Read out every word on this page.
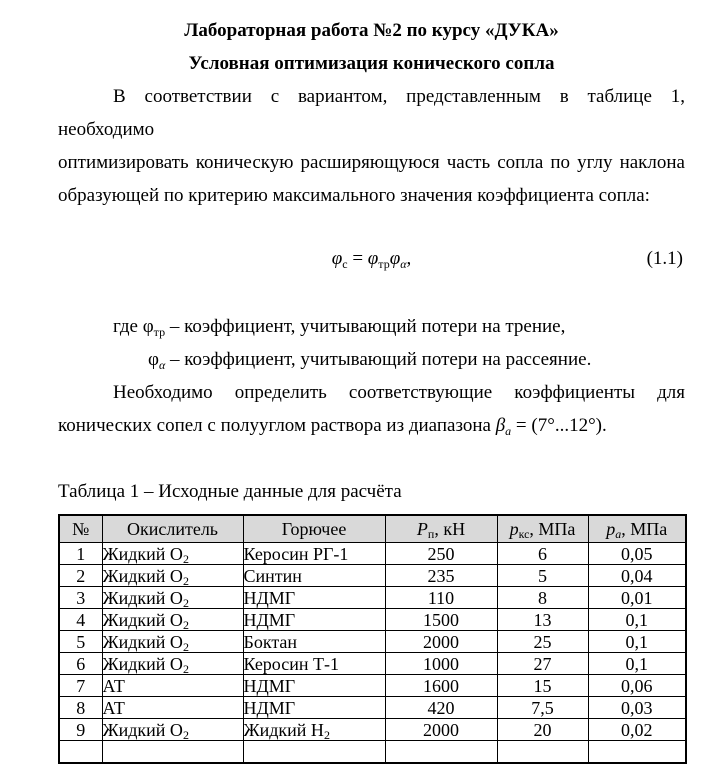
Лабораторная работа №2 по курсу «ДУКА»
Условная оптимизация конического сопла
В соответствии с вариантом, представленным в таблице 1, необходимо
оптимизировать коническую расширяющуюся часть сопла по углу наклона
образующей по критерию максимального значения коэффициента сопла:
$\varphi_с = \varphi_{тр}\varphi_\alpha$,	(1.1)
где $\varphi_{тр}$ – коэффициент, учитывающий потери на трение,
$\varphi_\alpha$ – коэффициент, учитывающий потери на рассеяние.
Необходимо определить соответствующие коэффициенты для
конических сопел с полууглом раствора из диапазона $\beta_а = (7^\circ...12^\circ)$.
Таблица 1 – Исходные данные для расчёта
№	Окислитель	Горючее	$P_п$, кН	$p_{кс}$, МПа	$p_a$, МПа
1	Жидкий $О_2$	Керосин РГ-1	250	6	0,05
2	Жидкий $О_2$	Синтин	235	5	0,04
3	Жидкий $О_2$	НДМГ	110	8	0,01
4	Жидкий $О_2$	НДМГ	1500	13	0,1
5	Жидкий $О_2$	Боктан	2000	25	0,1
6	Жидкий $О_2$	Керосин Т-1	1000	27	0,1
7	АТ	НДМГ	1600	15	0,06
8	АТ	НДМГ	420	7,5	0,03
9	Жидкий $О_2$	Жидкий $Н_2$	2000	20	0,02
